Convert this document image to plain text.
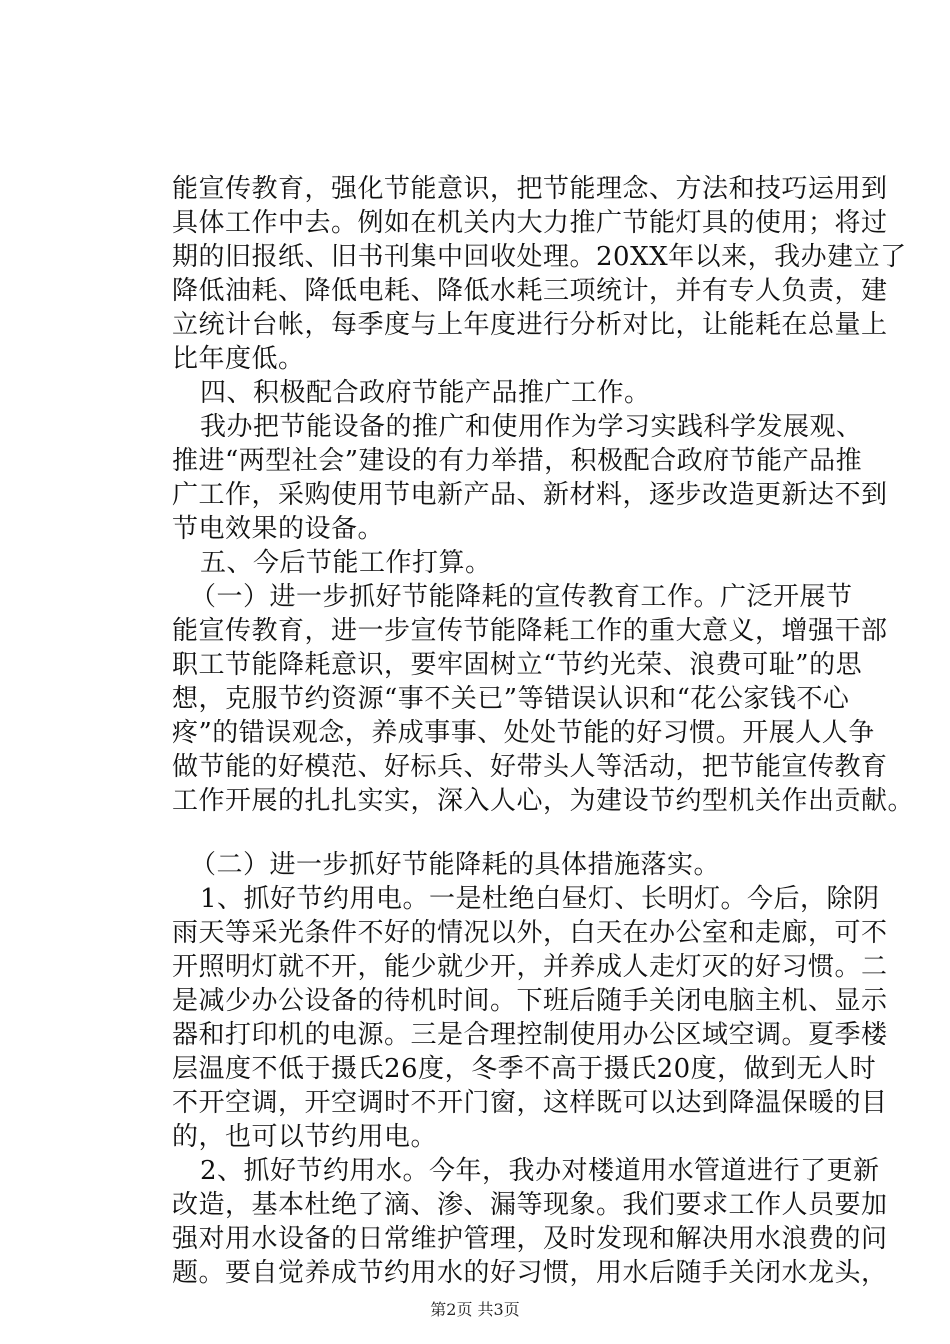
能宣传教育，强化节能意识，把节能理念、方法和技巧运用到
具体工作中去。例如在机关内大力推广节能灯具的使用；将过
期的旧报纸、旧书刊集中回收处理。20XX年以来，我办建立了
降低油耗、降低电耗、降低水耗三项统计，并有专人负责，建
立统计台帐，每季度与上年度进行分析对比，让能耗在总量上
比年度低。
四、积极配合政府节能产品推广工作。
我办把节能设备的推广和使用作为学习实践科学发展观、
推进“两型社会”建设的有力举措，积极配合政府节能产品推
广工作，采购使用节电新产品、新材料，逐步改造更新达不到
节电效果的设备。
五、今后节能工作打算。
（一）进一步抓好节能降耗的宣传教育工作。广泛开展节
能宣传教育，进一步宣传节能降耗工作的重大意义，增强干部
职工节能降耗意识，要牢固树立“节约光荣、浪费可耻”的思
想，克服节约资源“事不关已”等错误认识和“花公家钱不心
疼”的错误观念，养成事事、处处节能的好习惯。开展人人争
做节能的好模范、好标兵、好带头人等活动，把节能宣传教育
工作开展的扎扎实实，深入人心，为建设节约型机关作出贡献。
（二）进一步抓好节能降耗的具体措施落实。
1、抓好节约用电。一是杜绝白昼灯、长明灯。今后，除阴
雨天等采光条件不好的情况以外，白天在办公室和走廊，可不
开照明灯就不开，能少就少开，并养成人走灯灭的好习惯。二
是减少办公设备的待机时间。下班后随手关闭电脑主机、显示
器和打印机的电源。三是合理控制使用办公区域空调。夏季楼
层温度不低于摄氏26度，冬季不高于摄氏20度，做到无人时
不开空调，开空调时不开门窗，这样既可以达到降温保暖的目
的，也可以节约用电。
2、抓好节约用水。今年，我办对楼道用水管道进行了更新
改造，基本杜绝了滴、渗、漏等现象。我们要求工作人员要加
强对用水设备的日常维护管理，及时发现和解决用水浪费的问
题。要自觉养成节约用水的好习惯，用水后随手关闭水龙头，
第2页 共3页
